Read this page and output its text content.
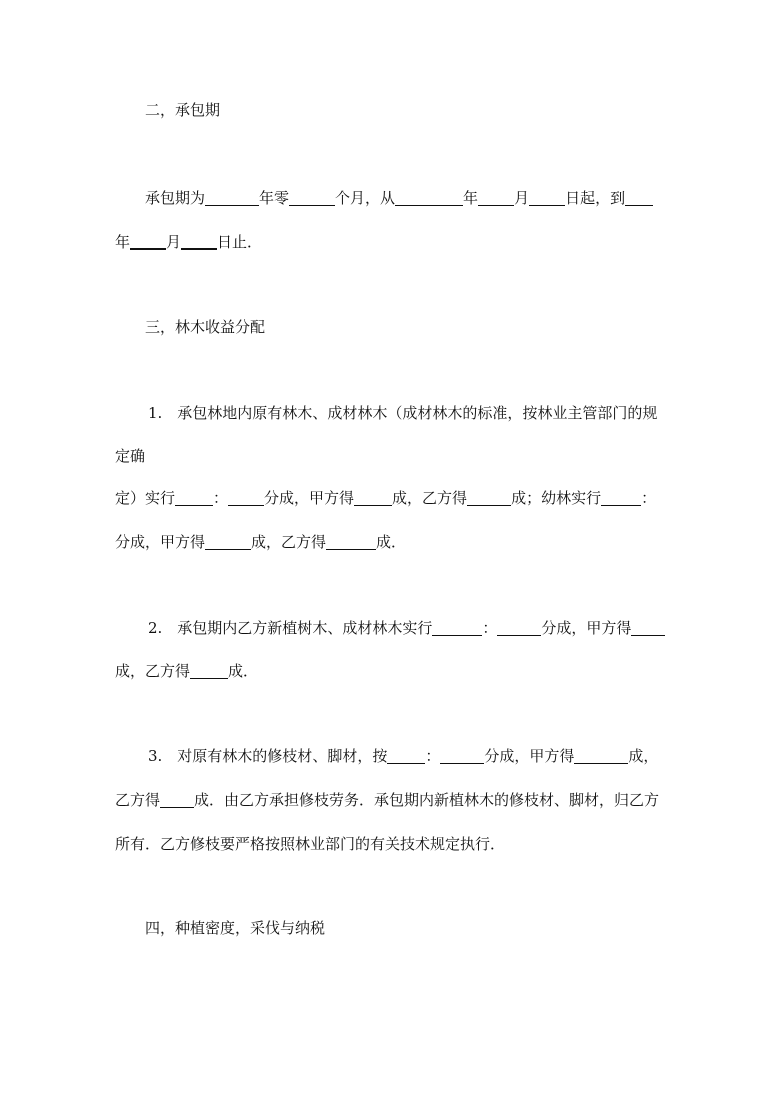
二，承包期
承包期为	年零	个月，从	年 月 日起，到
年 月 日止．
三，林木收益分配
1.　承包林地内原有林木、成材林木（成材林木的标准，按林业主管部门的规
定确
定）实行	： 分成，甲方得	成，乙方得	成；幼林实行	：
分成，甲方得	成，乙方得	成．
2.　承包期内乙方新植树木、成材林木实行	：	分成，甲方得
成，乙方得	成．
3.　对原有林木的修枝材、脚材，按	：	分成，甲方得	成，
乙方得 成．由乙方承担修枝劳务．承包期内新植林木的修枝材、脚材，归乙方
所有．乙方修枝要严格按照林业部门的有关技术规定执行．
四，种植密度，采伐与纳税
